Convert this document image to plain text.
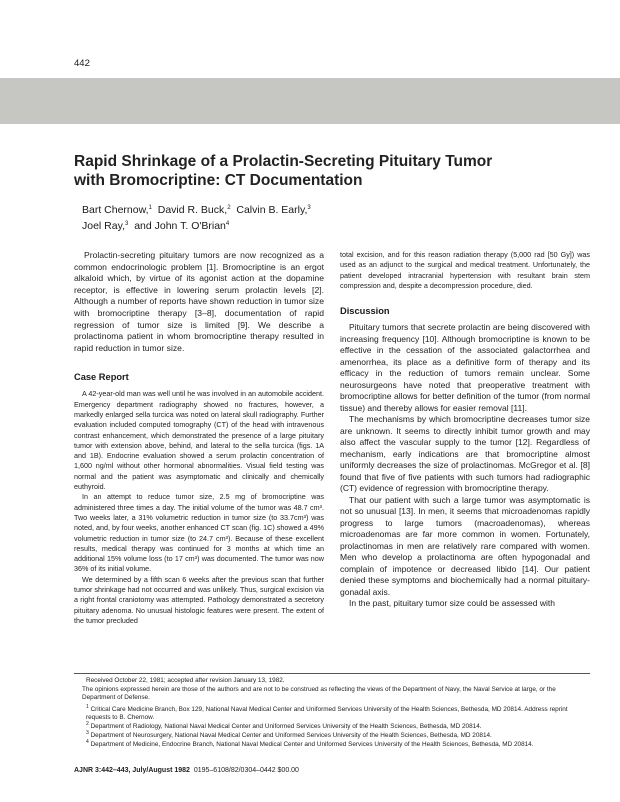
442
Rapid Shrinkage of a Prolactin-Secreting Pituitary Tumor
with Bromocriptine: CT Documentation
Bart Chernow,$^1$ David R. Buck,$^2$ Calvin B. Early,$^3$
Joel Ray,$^3$ and John T. O'Brian$^4$

Prolactin-secreting pituitary tumors are now recognized as a common endocrinologic problem [1]. Bromocriptine is an ergot alkaloid which, by virtue of its agonist action at the dopamine receptor, is effective in lowering serum prolactin levels [2]. Although a number of reports have shown reduction in tumor size with bromocriptine therapy [3–8], documentation of rapid regression of tumor size is limited [9]. We describe a prolactinoma patient in whom bromocriptine therapy resulted in rapid reduction in tumor size.

Case Report

A 42-year-old man was well until he was involved in an automobile accident. Emergency department radiography showed no fractures, however, a markedly enlarged sella turcica was noted on lateral skull radiography. Further evaluation included computed tomography (CT) of the head with intravenous contrast enhancement, which demonstrated the presence of a large pituitary tumor with extension above, behind, and lateral to the sella turcica (figs. 1A and 1B). Endocrine evaluation showed a serum prolactin concentration of 1,600 ng/ml without other hormonal abnormalities. Visual field testing was normal and the patient was asymptomatic and clinically and chemically euthyroid.

In an attempt to reduce tumor size, 2.5 mg of bromocriptine was administered three times a day. The initial volume of the tumor was 48.7 cm³. Two weeks later, a 31% volumetric reduction in tumor size (to 33.7cm³) was noted, and, by four weeks, another enhanced CT scan (fig. 1C) showed a 49% volumetric reduction in tumor size (to 24.7 cm³). Because of these excellent results, medical therapy was continued for 3 months at which time an additional 15% volume loss (to 17 cm³) was documented. The tumor was now 36% of its initial volume.

We determined by a fifth scan 6 weeks after the previous scan that further tumor shrinkage had not occurred and was unlikely. Thus, surgical excision via a right frontal craniotomy was attempted. Pathology demonstrated a secretory pituitary adenoma. No unusual histologic features were present. The extent of the tumor precluded

total excision, and for this reason radiation therapy (5,000 rad [50 Gy]) was used as an adjunct to the surgical and medical treatment. Unfortunately, the patient developed intracranial hypertension with resultant brain stem compression and, despite a decompression procedure, died.

Discussion

Pituitary tumors that secrete prolactin are being discovered with increasing frequency [10]. Although bromocriptine is known to be effective in the cessation of the associated galactorrhea and amenorrhea, its place as a definitive form of therapy and its efficacy in the reduction of tumors remain unclear. Some neurosurgeons have noted that preoperative treatment with bromocriptine allows for better definition of the tumor (from normal tissue) and thereby allows for easier removal [11].

The mechanisms by which bromocriptine decreases tumor size are unknown. It seems to directly inhibit tumor growth and may also affect the vascular supply to the tumor [12]. Regardless of mechanism, early indications are that bromocriptine almost uniformly decreases the size of prolactinomas. McGregor et al. [8] found that five of five patients with such tumors had radiographic (CT) evidence of regression with bromocriptine therapy.

That our patient with such a large tumor was asymptomatic is not so unusual [13]. In men, it seems that microadenomas rapidly progress to large tumors (macroadenomas), whereas microadenomas are far more common in women. Fortunately, prolactinomas in men are relatively rare compared with women. Men who develop a prolactinoma are often hypogonadal and complain of impotence or decreased libido [14]. Our patient denied these symptoms and biochemically had a normal pituitary-gonadal axis.

In the past, pituitary tumor size could be assessed with

Received October 22, 1981; accepted after revision January 13, 1982.

The opinions expressed herein are those of the authors and are not to be construed as reflecting the views of the Department of Navy, the Naval Service at large, or the Department of Defense.

$^1$ Critical Care Medicine Branch, Box 129, National Naval Medical Center and Uniformed Services University of the Health Sciences, Bethesda, MD 20814. Address reprint requests to B. Chernow.

$^2$ Department of Radiology, National Naval Medical Center and Uniformed Services University of the Health Sciences, Bethesda, MD 20814.

$^3$ Department of Neurosurgery, National Naval Medical Center and Uniformed Services University of the Health Sciences, Bethesda, MD 20814.

$^4$ Department of Medicine, Endocrine Branch, National Naval Medical Center and Uniformed Services University of the Health Sciences, Bethesda, MD 20814.

AJNR 3:442–443, July/August 1982 0195–6108/82/0304–0442 $00.00
